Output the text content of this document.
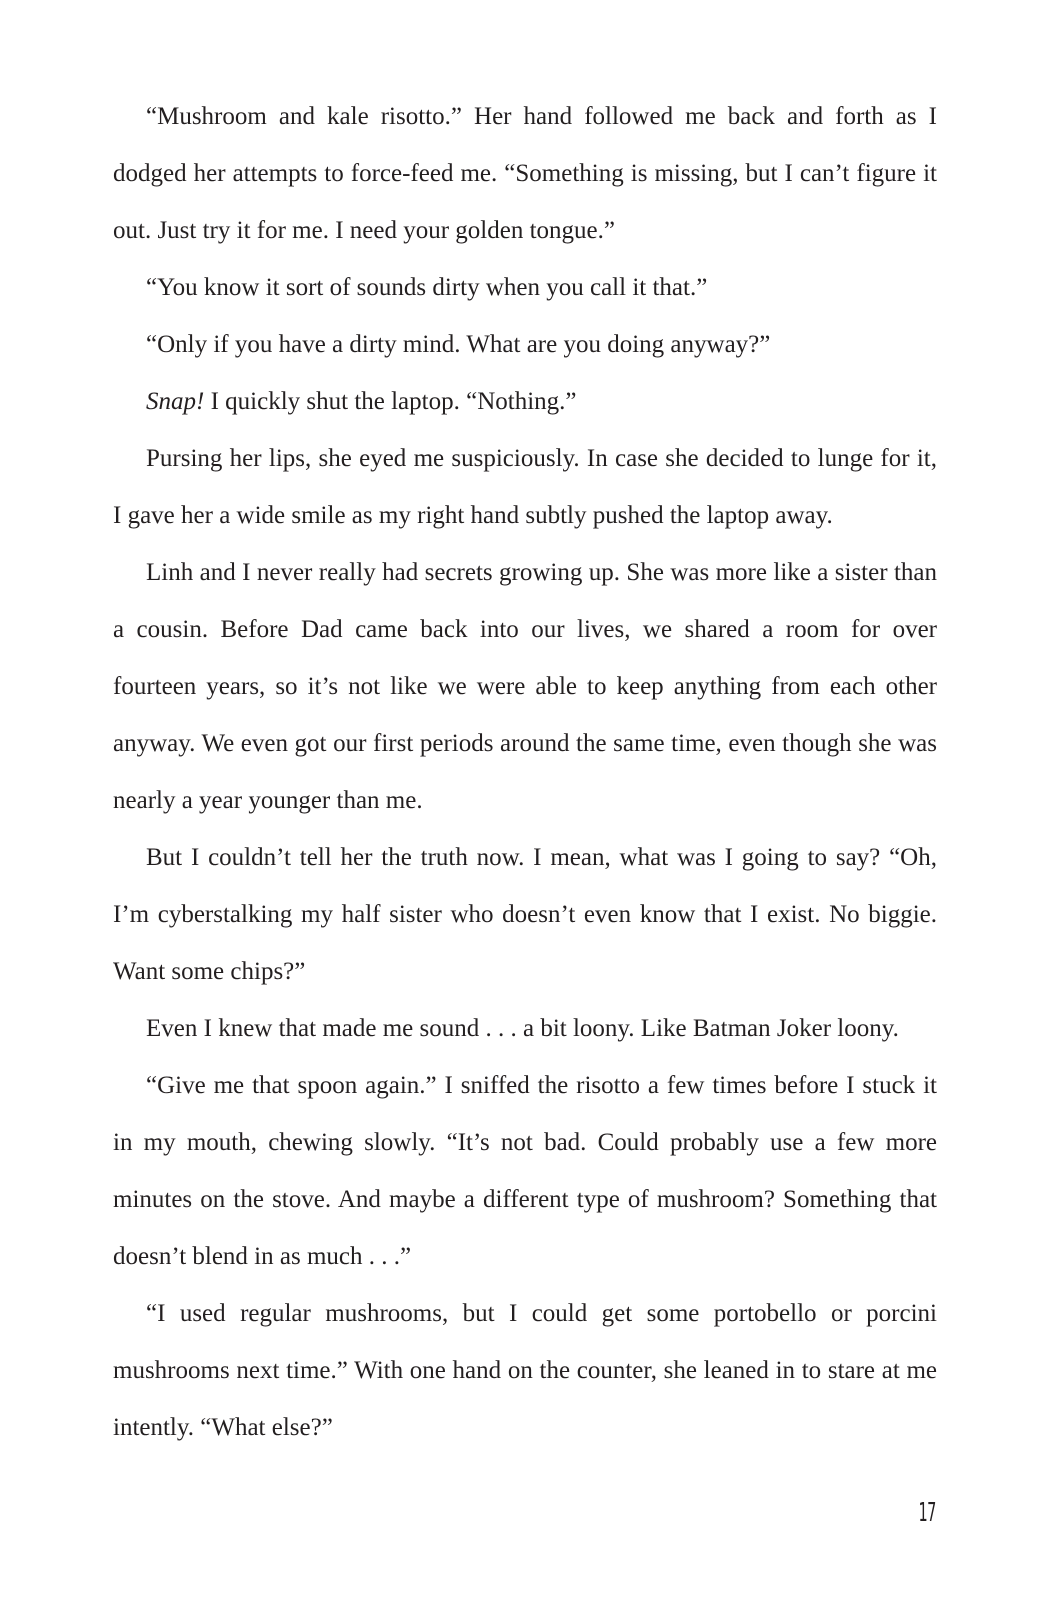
“Mushroom and kale risotto.” Her hand followed me back and forth as I dodged her attempts to force-feed me. “Something is missing, but I can’t figure it out. Just try it for me. I need your golden tongue.”

“You know it sort of sounds dirty when you call it that.”

“Only if you have a dirty mind. What are you doing anyway?”

Snap! I quickly shut the laptop. “Nothing.”

Pursing her lips, she eyed me suspiciously. In case she decided to lunge for it, I gave her a wide smile as my right hand subtly pushed the laptop away.

Linh and I never really had secrets growing up. She was more like a sister than a cousin. Before Dad came back into our lives, we shared a room for over fourteen years, so it’s not like we were able to keep anything from each other anyway. We even got our first periods around the same time, even though she was nearly a year younger than me.

But I couldn’t tell her the truth now. I mean, what was I going to say? “Oh, I’m cyberstalking my half sister who doesn’t even know that I exist. No biggie. Want some chips?”

Even I knew that made me sound . . . a bit loony. Like Batman Joker loony.

“Give me that spoon again.” I sniffed the risotto a few times before I stuck it in my mouth, chewing slowly. “It’s not bad. Could probably use a few more minutes on the stove. And maybe a different type of mushroom? Something that doesn’t blend in as much . . .”

“I used regular mushrooms, but I could get some portobello or porcini mushrooms next time.” With one hand on the counter, she leaned in to stare at me intently. “What else?”

17
